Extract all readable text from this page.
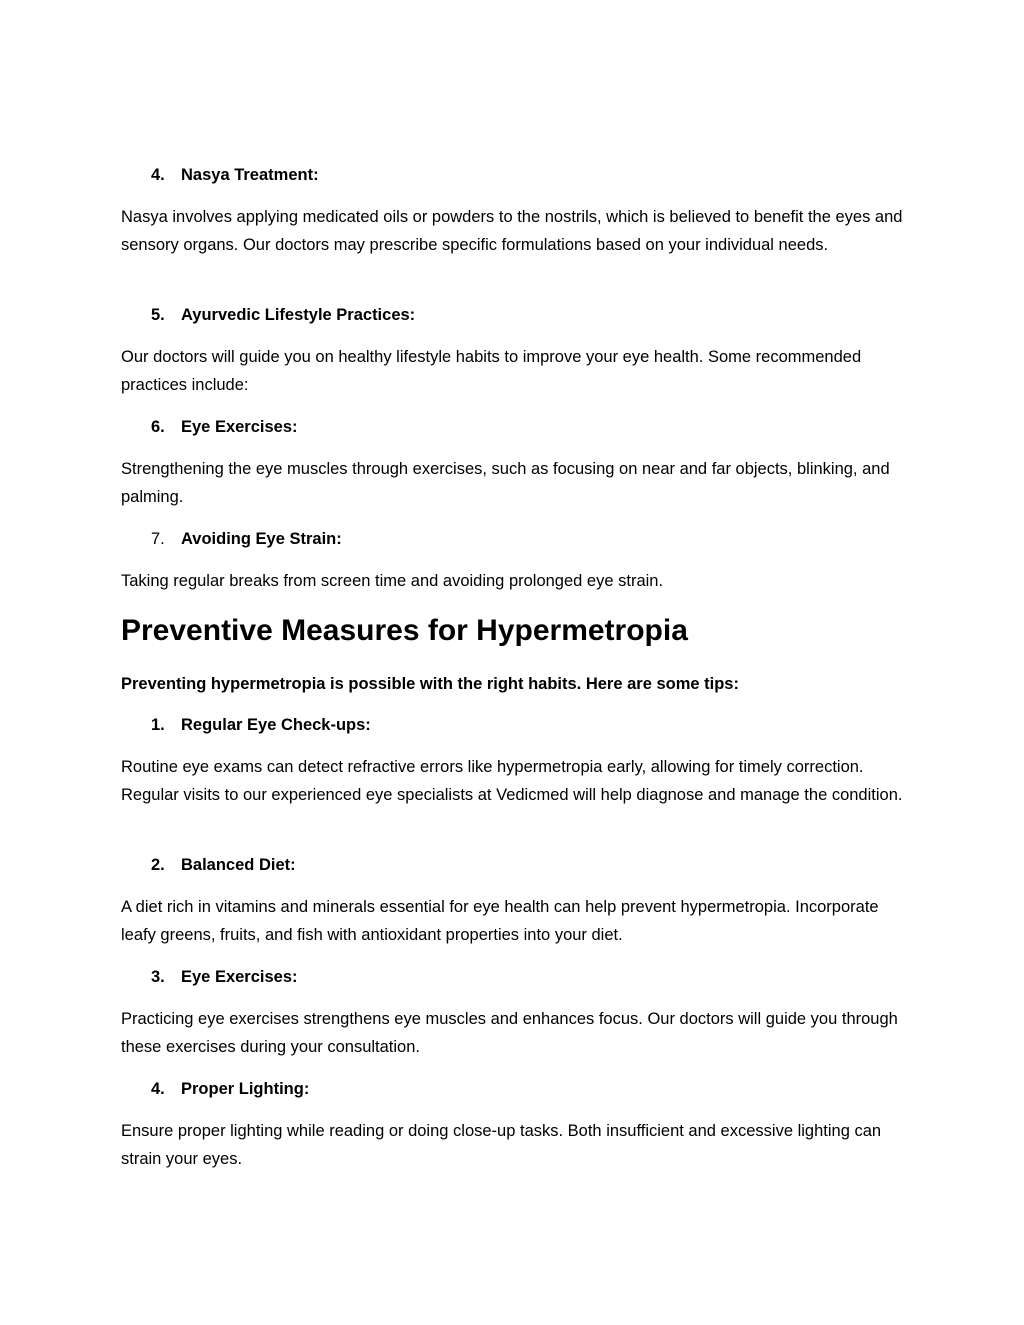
4. Nasya Treatment:

Nasya involves applying medicated oils or powders to the nostrils, which is believed to benefit the eyes and sensory organs. Our doctors may prescribe specific formulations based on your individual needs.

5. Ayurvedic Lifestyle Practices:

Our doctors will guide you on healthy lifestyle habits to improve your eye health. Some recommended practices include:

6. Eye Exercises:

Strengthening the eye muscles through exercises, such as focusing on near and far objects, blinking, and palming.

7. Avoiding Eye Strain:

Taking regular breaks from screen time and avoiding prolonged eye strain.

Preventive Measures for Hypermetropia

Preventing hypermetropia is possible with the right habits. Here are some tips:

1. Regular Eye Check-ups:

Routine eye exams can detect refractive errors like hypermetropia early, allowing for timely correction. Regular visits to our experienced eye specialists at Vedicmed will help diagnose and manage the condition.

2. Balanced Diet:

A diet rich in vitamins and minerals essential for eye health can help prevent hypermetropia. Incorporate leafy greens, fruits, and fish with antioxidant properties into your diet.

3. Eye Exercises:

Practicing eye exercises strengthens eye muscles and enhances focus. Our doctors will guide you through these exercises during your consultation.

4. Proper Lighting:

Ensure proper lighting while reading or doing close-up tasks. Both insufficient and excessive lighting can strain your eyes.
